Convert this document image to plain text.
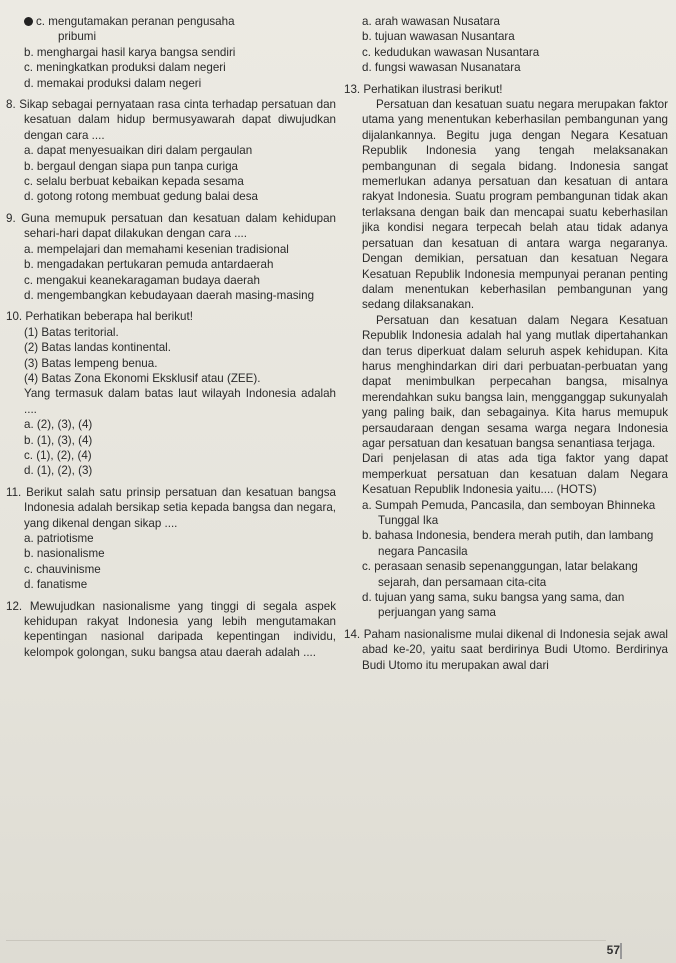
c. mengutamakan peranan pengusaha
pribumi
b. menghargai hasil karya bangsa sendiri
c. meningkatkan produksi dalam negeri
d. memakai produksi dalam negeri
8. Sikap sebagai pernyataan rasa cinta terhadap persatuan dan kesatuan dalam hidup bermusyawarah dapat diwujudkan dengan cara ....
a. dapat menyesuaikan diri dalam pergaulan
b. bergaul dengan siapa pun tanpa curiga
c. selalu berbuat kebaikan kepada sesama
d. gotong rotong membuat gedung balai desa
9. Guna memupuk persatuan dan kesatuan dalam kehidupan sehari-hari dapat dilakukan dengan cara ....
a. mempelajari dan memahami kesenian tradisional
b. mengadakan pertukaran pemuda antardaerah
c. mengakui keanekaragaman budaya daerah
d. mengembangkan kebudayaan daerah masing-masing
10. Perhatikan beberapa hal berikut!
(1) Batas teritorial.
(2) Batas landas kontinental.
(3) Batas lempeng benua.
(4) Batas Zona Ekonomi Eksklusif atau (ZEE).
Yang termasuk dalam batas laut wilayah Indonesia adalah ....
a. (2), (3), (4)
b. (1), (3), (4)
c. (1), (2), (4)
d. (1), (2), (3)
11. Berikut salah satu prinsip persatuan dan kesatuan bangsa Indonesia adalah bersikap setia kepada bangsa dan negara, yang dikenal dengan sikap ....
a. patriotisme
b. nasionalisme
c. chauvinisme
d. fanatisme
12. Mewujudkan nasionalisme yang tinggi di segala aspek kehidupan rakyat Indonesia yang lebih mengutamakan kepentingan nasional daripada kepentingan individu, kelompok golongan, suku bangsa atau daerah adalah ....
a. arah wawasan Nusatara
b. tujuan wawasan Nusantara
c. kedudukan wawasan Nusantara
d. fungsi wawasan Nusanatara
13. Perhatikan ilustrasi berikut!
Persatuan dan kesatuan suatu negara merupakan faktor utama yang menentukan keberhasilan pembangunan yang dijalankannya. Begitu juga dengan Negara Kesatuan Republik Indonesia yang tengah melaksanakan pembangunan di segala bidang. Indonesia sangat memerlukan adanya persatuan dan kesatuan di antara rakyat Indonesia. Suatu program pembangunan tidak akan terlaksana dengan baik dan mencapai suatu keberhasilan jika kondisi negara terpecah belah atau tidak adanya persatuan dan kesatuan di antara warga negaranya. Dengan demikian, persatuan dan kesatuan Negara Kesatuan Republik Indonesia mempunyai peranan penting dalam menentukan keberhasilan pembangunan yang sedang dilaksanakan.
Persatuan dan kesatuan dalam Negara Kesatuan Republik Indonesia adalah hal yang mutlak dipertahankan dan terus diperkuat dalam seluruh aspek kehidupan. Kita harus menghindarkan diri dari perbuatan-perbuatan yang dapat menimbulkan perpecahan bangsa, misalnya merendahkan suku bangsa lain, mengganggap sukunyalah yang paling baik, dan sebagainya. Kita harus memupuk persaudaraan dengan sesama warga negara Indonesia agar persatuan dan kesatuan bangsa senantiasa terjaga.
Dari penjelasan di atas ada tiga faktor yang dapat memperkuat persatuan dan kesatuan dalam Negara Kesatuan Republik Indonesia yaitu.... (HOTS)
a. Sumpah Pemuda, Pancasila, dan semboyan Bhinneka Tunggal Ika
b. bahasa Indonesia, bendera merah putih, dan lambang negara Pancasila
c. perasaan senasib sepenanggungan, latar belakang sejarah, dan persamaan cita-cita
d. tujuan yang sama, suku bangsa yang sama, dan perjuangan yang sama
14. Paham nasionalisme mulai dikenal di Indonesia sejak awal abad ke-20, yaitu saat berdirinya Budi Utomo. Berdirinya Budi Utomo itu merupakan awal dari
57
